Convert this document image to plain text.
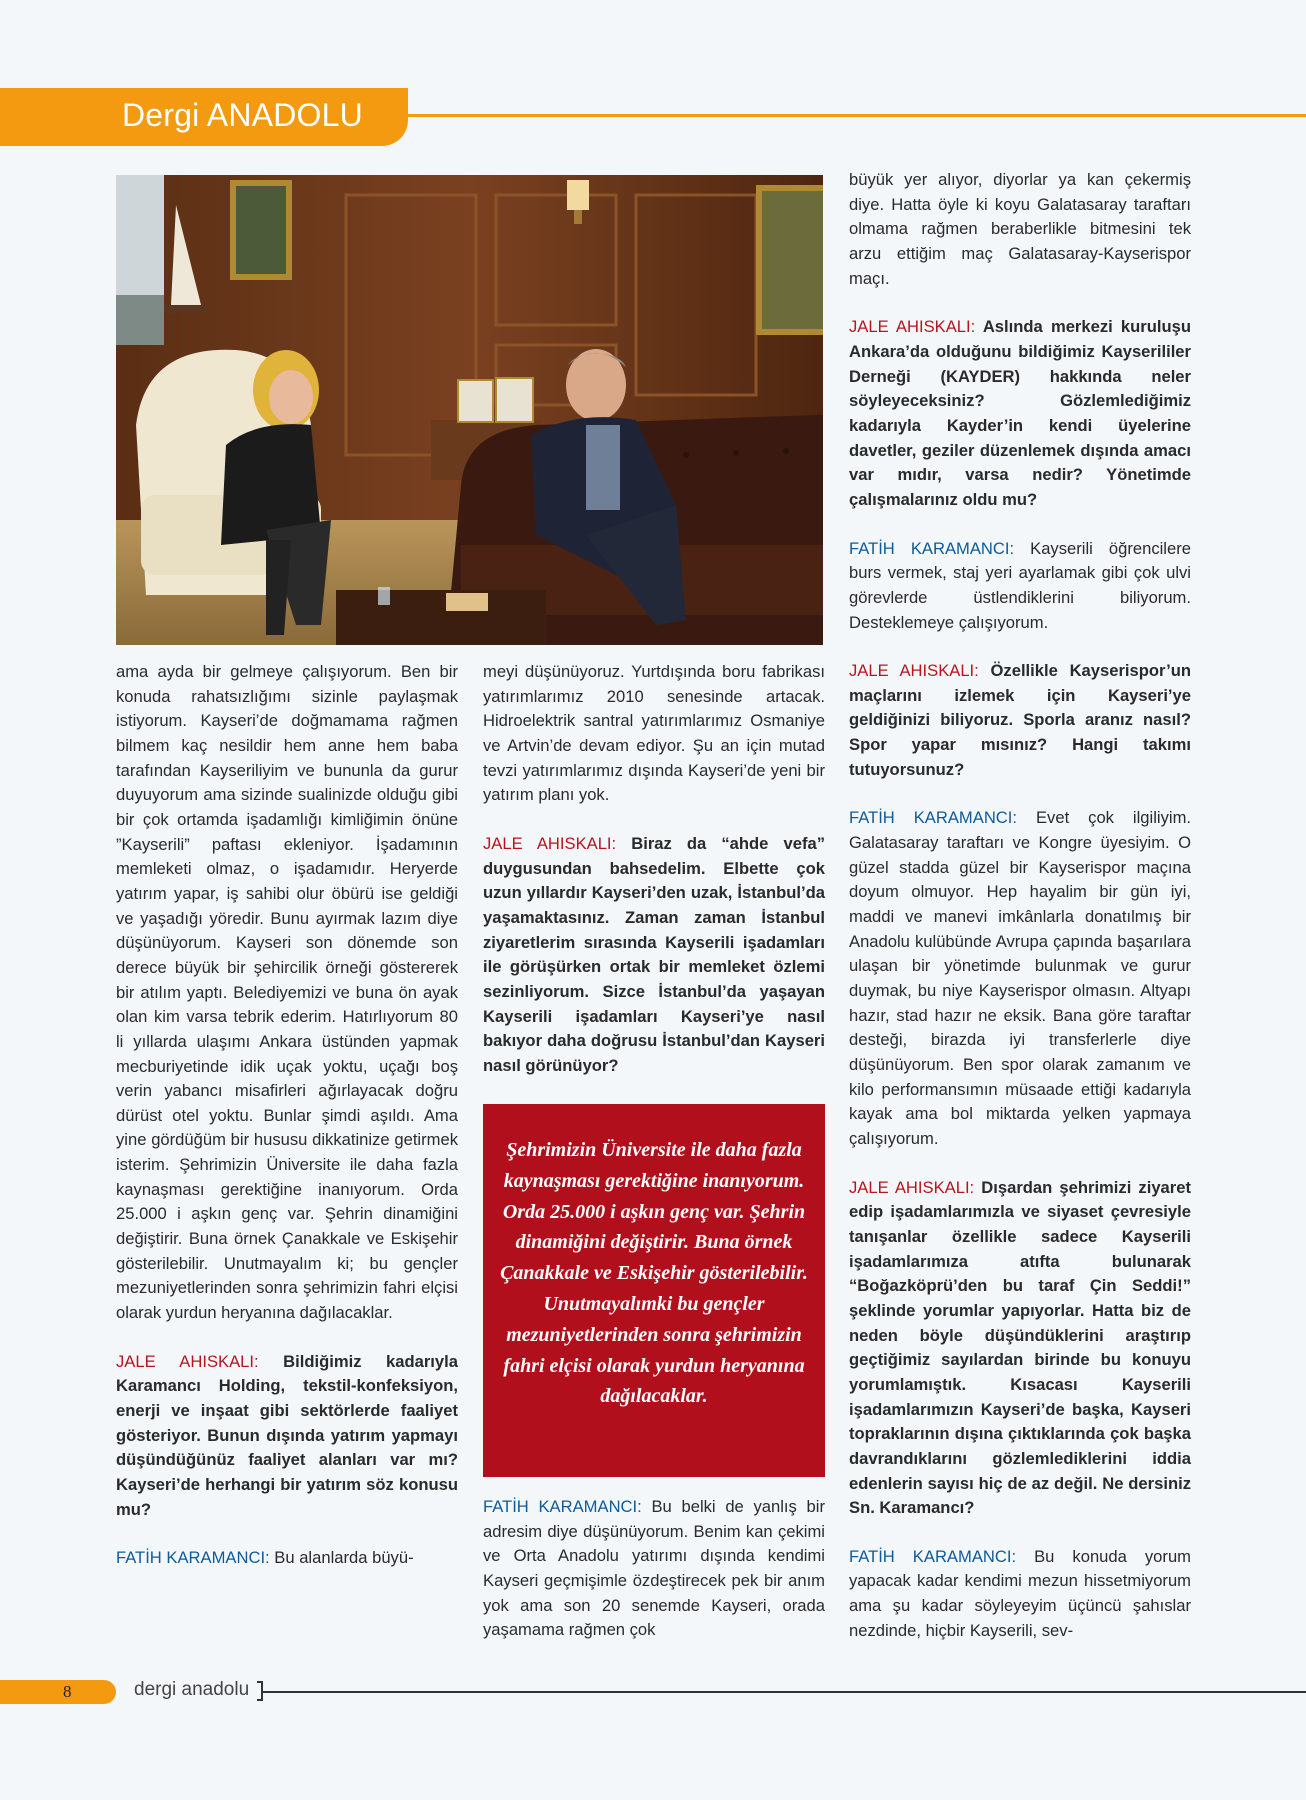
Dergi ANADOLU

ama ayda bir gelmeye çalışıyorum. Ben bir konuda rahatsızlığımı sizinle paylaşmak istiyorum. Kayseri’de doğmamama rağmen bilmem kaç nesildir hem anne hem baba tarafından Kayseriliyim ve bununla da gurur duyuyorum ama sizinde sualinizde olduğu gibi bir çok ortamda işadamlığı kimliğimin önüne ”Kayserili” paftası ekleniyor. İşadamının memleketi olmaz, o işadamıdır. Heryerde yatırım yapar, iş sahibi olur öbürü ise geldiği ve yaşadığı yöredir. Bunu ayırmak lazım diye düşünüyorum. Kayseri son dönemde son derece büyük bir şehircilik örneği göstererek bir atılım yaptı. Belediyemizi ve buna ön ayak olan kim varsa tebrik ederim. Hatırlıyorum 80 li yıllarda ulaşımı Ankara üstünden yapmak mecburiyetinde idik uçak yoktu, uçağı boş verin yabancı misafirleri ağırlayacak doğru dürüst otel yoktu. Bunlar şimdi aşıldı. Ama yine gördüğüm bir hususu dikkatinize getirmek isterim. Şehrimizin Üniversite ile daha fazla kaynaşması gerektiğine inanıyorum. Orda 25.000 i aşkın genç var. Şehrin dinamiğini değiştirir. Buna örnek Çanakkale ve Eskişehir gösterilebilir. Unutmayalım ki; bu gençler mezuniyetlerinden sonra şehrimizin fahri elçisi olarak yurdun heryanına dağılacaklar.

JALE AHISKALI: Bildiğimiz kadarıyla Karamancı Holding, tekstil-konfeksiyon, enerji ve inşaat gibi sektörlerde faaliyet gösteriyor. Bunun dışında yatırım yapmayı düşündüğünüz faaliyet alanları var mı? Kayseri’de herhangi bir yatırım söz konusu mu?

FATİH KARAMANCI: Bu alanlarda büyü-

meyi düşünüyoruz. Yurtdışında boru fabrikası yatırımlarımız 2010 senesinde artacak. Hidroelektrik santral yatırımlarımız Osmaniye ve Artvin’de devam ediyor. Şu an için mutad tevzi yatırımlarımız dışında Kayseri’de yeni bir yatırım planı yok.

JALE AHISKALI: Biraz da “ahde vefa” duygusundan bahsedelim. Elbette çok uzun yıllardır Kayseri’den uzak, İstanbul’da yaşamaktasınız. Zaman zaman İstanbul ziyaretlerim sırasında Kayserili işadamları ile görüşürken ortak bir memleket özlemi sezinliyorum. Sizce İstanbul’da yaşayan Kayserili işadamları Kayseri’ye nasıl bakıyor daha doğrusu İstanbul’dan Kayseri nasıl görünüyor?

Şehrimizin Üniversite ile daha fazla kaynaşması gerektiğine inanıyorum. Orda 25.000 i aşkın genç var. Şehrin dinamiğini değiştirir. Buna örnek Çanakkale ve Eskişehir gösterilebilir. Unutmayalımki bu gençler mezuniyetlerinden sonra şehrimizin fahri elçisi olarak yurdun heryanına dağılacaklar.

FATİH KARAMANCI: Bu belki de yanlış bir adresim diye düşünüyorum. Benim kan çekimi ve Orta Anadolu yatırımı dışında kendimi Kayseri geçmişimle özdeştirecek pek bir anım yok ama son 20 senemde Kayseri, orada yaşamama rağmen çok

büyük yer alıyor, diyorlar ya kan çekermiş diye. Hatta öyle ki koyu Galatasaray taraftarı olmama rağmen beraberlikle bitmesini tek arzu ettiğim maç Galatasaray-Kayserispor maçı.

JALE AHISKALI: Aslında merkezi kuruluşu Ankara’da olduğunu bildiğimiz Kayserililer Derneği (KAYDER) hakkında neler söyleyeceksiniz? Gözlemlediğimiz kadarıyla Kayder’in kendi üyelerine davetler, geziler düzenlemek dışında amacı var mıdır, varsa nedir? Yönetimde çalışmalarınız oldu mu?

FATİH KARAMANCI: Kayserili öğrencilere burs vermek, staj yeri ayarlamak gibi çok ulvi görevlerde üstlendiklerini biliyorum. Desteklemeye çalışıyorum.

JALE AHISKALI: Özellikle Kayserispor’un maçlarını izlemek için Kayseri’ye geldiğinizi biliyoruz. Sporla aranız nasıl? Spor yapar mısınız? Hangi takımı tutuyorsunuz?

FATİH KARAMANCI: Evet çok ilgiliyim. Galatasaray taraftarı ve Kongre üyesiyim. O güzel stadda güzel bir Kayserispor maçına doyum olmuyor. Hep hayalim bir gün iyi, maddi ve manevi imkânlarla donatılmış bir Anadolu kulübünde Avrupa çapında başarılara ulaşan bir yönetimde bulunmak ve gurur duymak, bu niye Kayserispor olmasın. Altyapı hazır, stad hazır ne eksik. Bana göre taraftar desteği, birazda iyi transferlerle diye düşünüyorum. Ben spor olarak zamanım ve kilo performansımın müsaade ettiği kadarıyla kayak ama bol miktarda yelken yapmaya çalışıyorum.

JALE AHISKALI: Dışardan şehrimizi ziyaret edip işadamlarımızla ve siyaset çevresiyle tanışanlar özellikle sadece Kayserili işadamlarımıza atıfta bulunarak “Boğazköprü’den bu taraf Çin Seddi!” şeklinde yorumlar yapıyorlar. Hatta biz de neden böyle düşündüklerini araştırıp geçtiğimiz sayılardan birinde bu konuyu yorumlamıştık. Kısacası Kayserili işadamlarımızın Kayseri’de başka, Kayseri topraklarının dışına çıktıklarında çok başka davrandıklarını gözlemlediklerini iddia edenlerin sayısı hiç de az değil. Ne dersiniz Sn. Karamancı?

FATİH KARAMANCI: Bu konuda yorum yapacak kadar kendimi mezun hissetmiyorum ama şu kadar söyleyeyim üçüncü şahıslar nezdinde, hiçbir Kayserili, sev-

8	dergi anadolu
